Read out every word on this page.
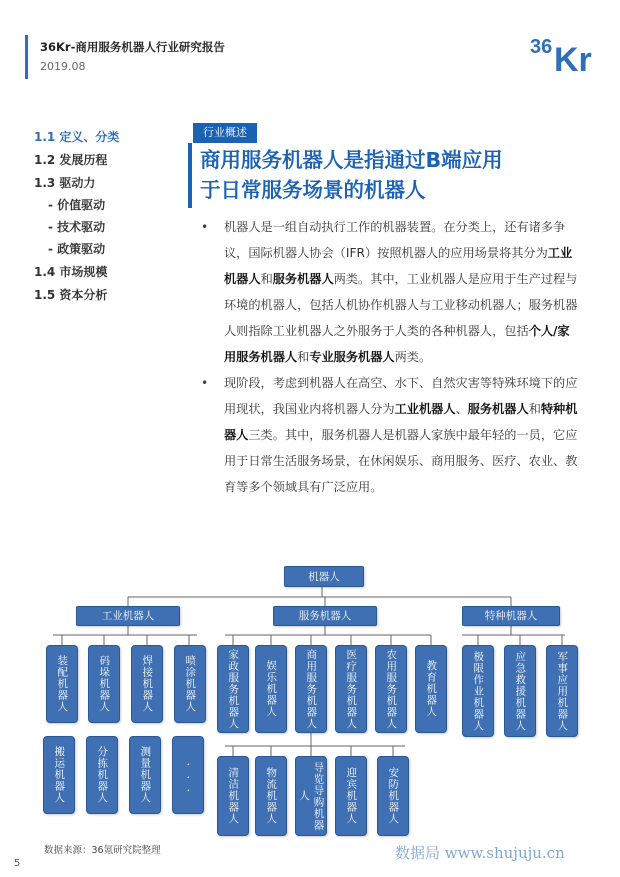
36Kr-商用服务机器人行业研究报告
2019.08
36 Kr
1.1 定义、分类
1.2 发展历程
1.3 驱动力
- 价值驱动
- 技术驱动
- 政策驱动
1.4 市场规模
1.5 资本分析
行业概述
商用服务机器人是指通过B端应用
于日常服务场景的机器人
• 机器人是一组自动执行工作的机器装置。在分类上，还有诸多争议，国际机器人协会（IFR）按照机器人的应用场景将其分为工业机器人和服务机器人两类。其中，工业机器人是应用于生产过程与环境的机器人，包括人机协作机器人与工业移动机器人；服务机器人则指除工业机器人之外服务于人类的各种机器人，包括个人/家用服务机器人和专业服务机器人两类。
• 现阶段，考虑到机器人在高空、水下、自然灾害等特殊环境下的应用现状，我国业内将机器人分为工业机器人、服务机器人和特种机器人三类。其中，服务机器人是机器人家族中最年轻的一员，它应用于日常生活服务场景，在休闲娱乐、商用服务、医疗、农业、教育等多个领域具有广泛应用。
机器人
工业机器人	服务机器人	特种机器人
装配机器人	码垛机器人	焊接机器人	喷涂机器人
搬运机器人	分拣机器人	测量机器人	...
家政服务机器人 娱乐机器人	商用服务机器人	医疗服务机器人	农用服务机器人	教育机器人
清洁机器人 物流机器人	导览导购机器人	迎宾机器人	安防机器人
极限作业机器人	应急救援机器人	军事应用机器人
数据来源：36氪研究院整理
5
数据局 www.shujuju.cn
